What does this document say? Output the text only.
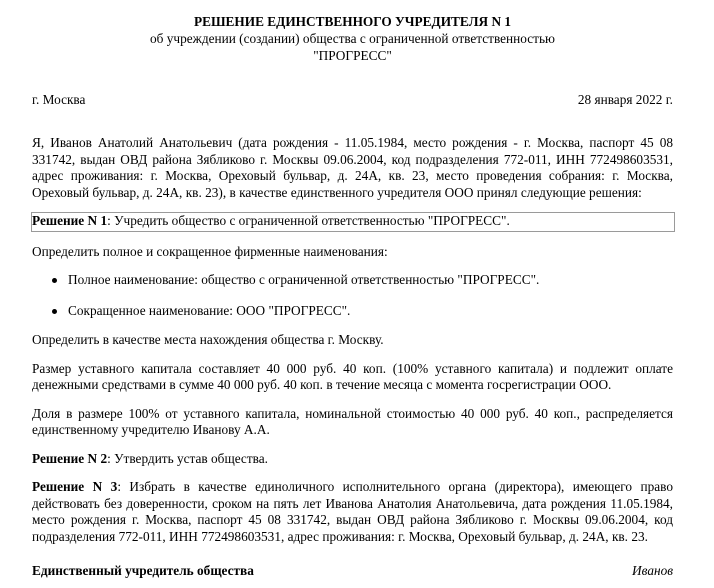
РЕШЕНИЕ ЕДИНСТВЕННОГО УЧРЕДИТЕЛЯ N 1
об учреждении (создании) общества с ограниченной ответственностью
"ПРОГРЕСС"
г. Москва	28 января 2022 г.

Я, Иванов Анатолий Анатольевич (дата рождения - 11.05.1984, место рождения - г. Москва, паспорт 45 08 331742, выдан ОВД района Зябликово г. Москвы 09.06.2004, код подразделения 772-011, ИНН 772498603531, адрес проживания: г. Москва, Ореховый бульвар, д. 24А, кв. 23, место проведения собрания: г. Москва, Ореховый бульвар, д. 24А, кв. 23), в качестве единственного учредителя ООО принял следующие решения:

Решение N 1: Учредить общество с ограниченной ответственностью "ПРОГРЕСС".

Определить полное и сокращенное фирменные наименования:

Полное наименование: общество с ограниченной ответственностью "ПРОГРЕСС".
Сокращенное наименование: ООО "ПРОГРЕСС".

Определить в качестве места нахождения общества г. Москву.

Размер уставного капитала составляет 40 000 руб. 40 коп. (100% уставного капитала) и подлежит оплате денежными средствами в сумме 40 000 руб. 40 коп. в течение месяца с момента госрегистрации ООО.

Доля в размере 100% от уставного капитала, номинальной стоимостью 40 000 руб. 40 коп., распределяется единственному учредителю Иванову А.А.

Решение N 2: Утвердить устав общества.

Решение N 3: Избрать в качестве единоличного исполнительного органа (директора), имеющего право действовать без доверенности, сроком на пять лет Иванова Анатолия Анатольевича, дата рождения 11.05.1984, место рождения г. Москва, паспорт 45 08 331742, выдан ОВД района Зябликово г. Москвы 09.06.2004, код подразделения 772-011, ИНН 772498603531, адрес проживания: г. Москва, Ореховый бульвар, д. 24А, кв. 23.

Единственный учредитель общества	Иванов
